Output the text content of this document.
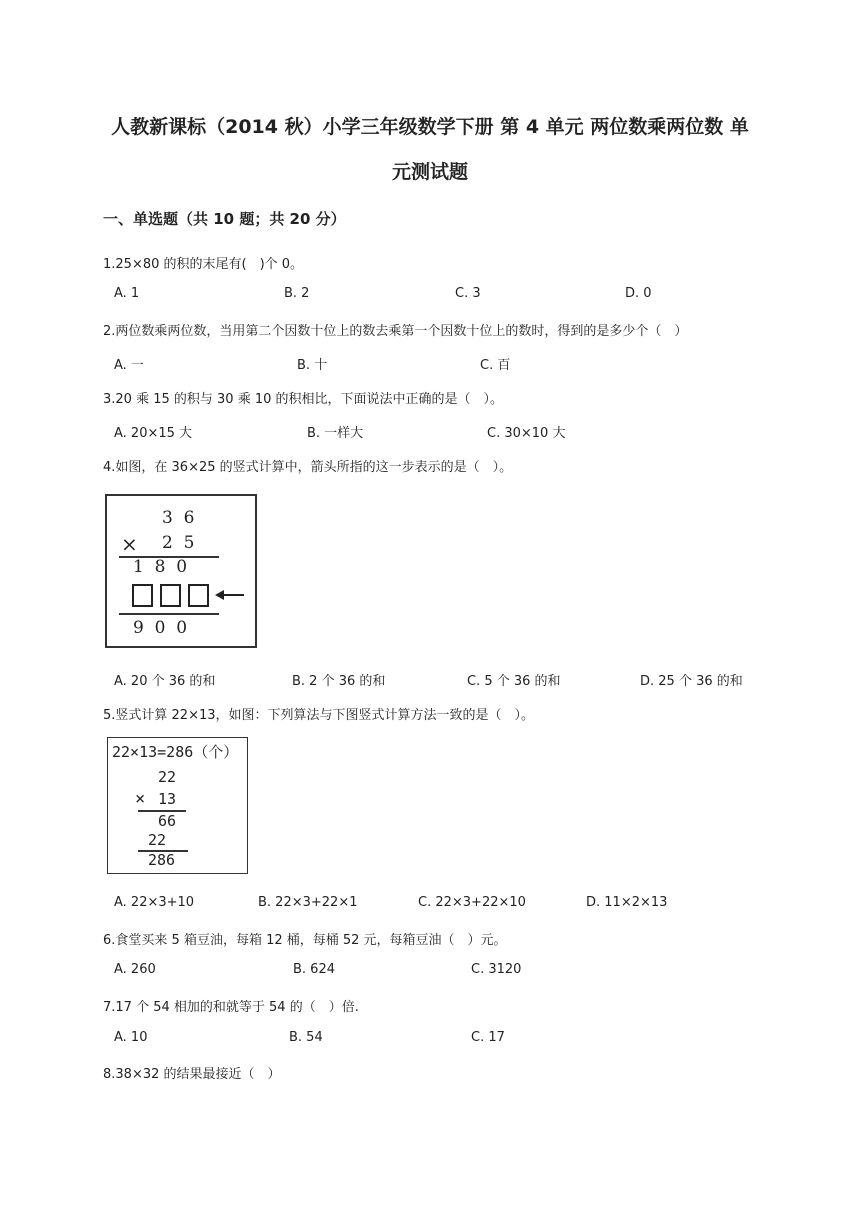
人教新课标（2014 秋）小学三年级数学下册 第 4 单元 两位数乘两位数 单
元测试题
一、单选题（共 10 题；共 20 分）
1.25×80 的积的末尾有(　)个 0。
A. 1	B. 2	C. 3	D. 0
2.两位数乘两位数，当用第二个因数十位上的数去乘第一个因数十位上的数时，得到的是多少个（　）
A. 一	B. 十	C. 百
3.20 乘 15 的积与 30 乘 10 的积相比，下面说法中正确的是（　）。
A. 20×15 大	B. 一样大	C. 30×10 大
4.如图，在 36×25 的竖式计算中，箭头所指的这一步表示的是（　）。
3  6
× 2  5
1  8  0
9  0  0
A. 20 个 36 的和	B. 2 个 36 的和	C. 5 个 36 的和	D. 25 个 36 的和
5.竖式计算 22×13，如图：下列算法与下图竖式计算方法一致的是（　）。
22×13=286（个）
22
× 13
66
22
286
A. 22×3+10	B. 22×3+22×1	C. 22×3+22×10	D. 11×2×13
6.食堂买来 5 箱豆油，每箱 12 桶，每桶 52 元，每箱豆油（　）元。
A. 260	B. 624	C. 3120
7.17 个 54 相加的和就等于 54 的（　）倍.
A. 10	B. 54	C. 17
8.38×32 的结果最接近（　）
